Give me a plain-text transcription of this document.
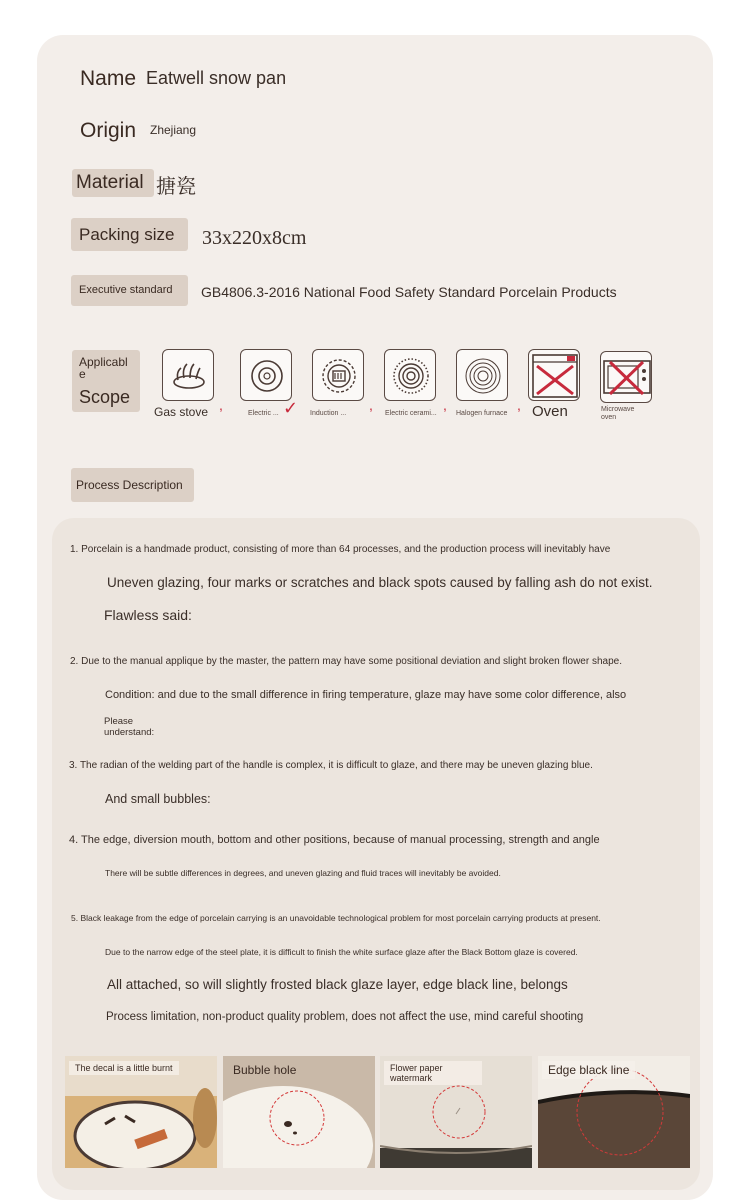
Name Eatwell snow pan
Origin Zhejiang
Material 搪瓷
Packing size 33x220x8cm
Executive standard GB4806.3-2016 National Food Safety Standard Porcelain Products
Applicabl e
Scope
Gas stove ,
Electric ... ✓ Induction ...
,
Electric cerami...
,
Halogen furnace
, Oven	Microwave oven
Process Description
1. Porcelain is a handmade product, consisting of more than 64 processes, and the production process will inevitably have
Uneven glazing, four marks or scratches and black spots caused by falling ash do not exist.
Flawless said:
2. Due to the manual applique by the master, the pattern may have some positional deviation and slight broken flower shape.
Condition: and due to the small difference in firing temperature, glaze may have some color difference, also
Please understand:
3. The radian of the welding part of the handle is complex, it is difficult to glaze, and there may be uneven glazing blue.
And small bubbles:
4. The edge, diversion mouth, bottom and other positions, because of manual processing, strength and angle
There will be subtle differences in degrees, and uneven glazing and fluid traces will inevitably be avoided.
5. Black leakage from the edge of porcelain carrying is an unavoidable technological problem for most porcelain carrying products at present.
Due to the narrow edge of the steel plate, it is difficult to finish the white surface glaze after the Black Bottom glaze is covered.
All attached, so will slightly frosted black glaze layer, edge black line, belongs
Process limitation, non-product quality problem, does not affect the use, mind careful shooting
The decal is a little burnt	Bubble hole	Flower paper watermark
Edge black line
